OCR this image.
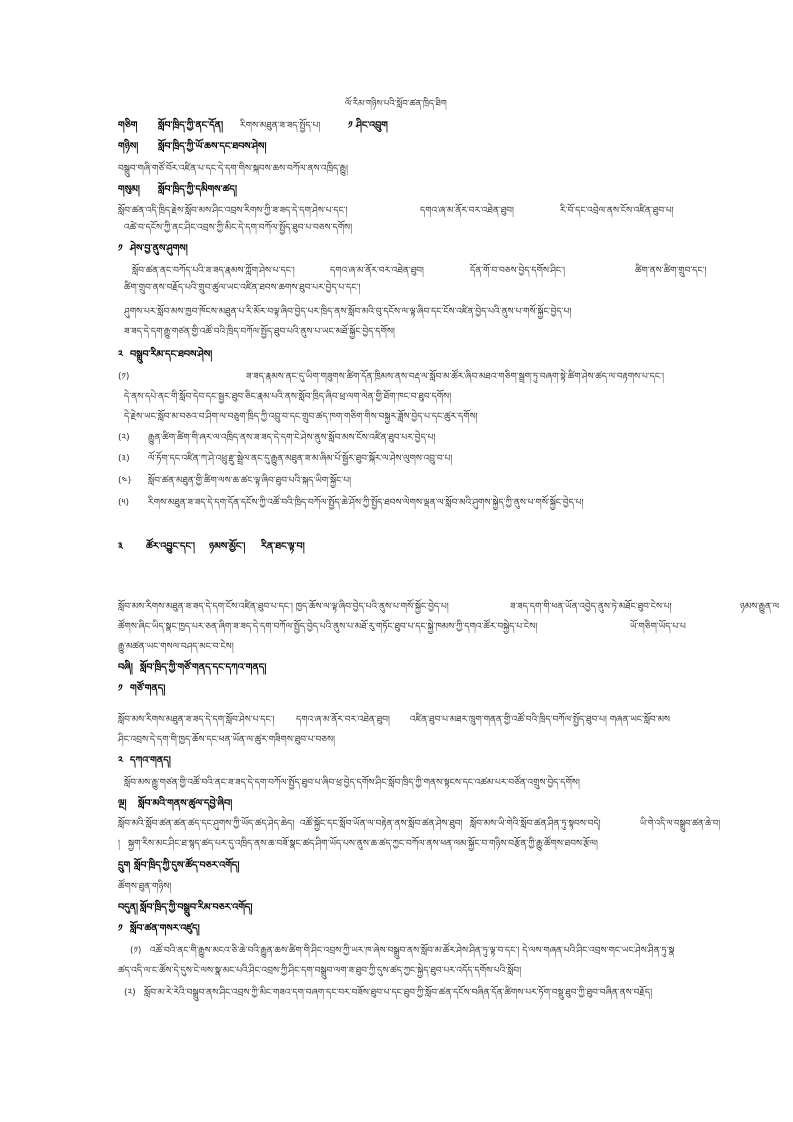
ལོ་རིམ་གཉིས་པའི་སློབ་ཚན་ཁྲིད་ཐིག
གཅིག སློབ་ཁྲིད་ཀྱི་ནང་དོན། རིགས་མཐུན་ཟ་ཟད་སྤྱོད་པ།	༡ ཤིང་འབྲུག
གཉིས། སློབ་ཁྲིད་ཀྱི་ཡོ་ཆས་དང་ཐབས་ཤེས།
བསྒྲུབ་གཞི་གཙོ་བོར་འཛིན་པ་དང་དེ་དག་གིས་སྐབས་ཆས་བཀོལ་ནས་འཁྲིད་རྒྱུ།
གསུམ། སློབ་ཁྲིད་ཀྱི་དམིགས་ཚད།
སློབ་ཚན་འདི་ཁྲིད་རྗེས་སློབ་མས་ཤིང་འབྲས་རིགས་ཀྱི་ཟ་ཟད་དེ་དག་ཤེས་པ་དང་།	དགའ་ཞ་མ་ནོར་བར་འཐེན་ཐུབ།	རི་བོ་དང་འབྲེལ་ནས་ངོས་འཛིན་ཐུབ་པ།
འཚེ་བ་དངོས་ཀྱི་ནང་ཤིང་འབྲས་ཀྱི་མིང་དེ་དག་བཀོལ་སྤྱོད་ཐུབ་པ་བཅས་དགོས།
༡ ཤེས་བྱ་ནུས་ཤུགས།
སློབ་ཚན་ནང་བཀོད་པའི་ཟ་ཟད་རྣམས་ཀློག་ཤེས་པ་དང་།	དགའ་ཞ་མ་ནོར་བར་འཐེན་ཐུབ།	དོན་གོ་བ་བཅས་བྱེད་དགོས་ཤིང་།	ཚིག་ནས་ཚིག་གྲུབ་དང་།
ཚིག་གྲུབ་ནས་བརྗོད་པའི་གྲུབ་ཚུལ་ཡང་འཛིན་ཐབས་ཆགས་ཐུབ་པར་བྱེད་པ་དང་།
ཤུགས་པར་སློབ་མས་ཁྱབ་ཁོངས་མཐུན་པ་རི་མོར་བལྟ་ཞིབ་བྱེད་པར་ཁྲིད་ནས་སློབ་མའི་བུ་དངོས་ལ་ལྟ་ཞིབ་དང་ངོས་འཛིན་བྱེད་པའི་ནུས་པ་གསོ་སྐྱོང་བྱེད་པ།
ཟ་ཟད་དེ་དག་རྒྱུ་གཙན་གྱི་འཚོ་བའི་ཁྲིད་བཀོལ་སྤྱོད་ཐུབ་པའི་ནུས་པ་ཡང་མཐོ་སྐྱོང་བྱེད་དགོས།
༢ བསྒྲུབ་རིམ་དང་ཐབས་ཤེས།
(༡)	ཟ་ཟད་རྣམས་ནང་དུ་ཡིག་གཟུགས་ཚིག་དོན་ཁྲིམས་ནས་བརྡ་ལ་སློབ་མ་ཚོར་ཞིབ་མཐའ་གཅིག་སྦྲག་ཏུ་བཞག་སྟེ་ཚིག་ཤེས་ཚད་ལ་བརྟགས་པ་དང་།
དེ་ནས་དཔེ་ནང་གི་སློབ་དེབ་དང་སྦྱར་ཐུབ་ཅིང་རྣམ་པའི་ནས་སློབ་ཁྲིད་ཞིབ་ཕྲ་ལག་ལེན་གྱི་ཐོག་ཁང་བ་ཐུབ་དགོས།
དེ་རྗེས་ཡང་སློབ་མ་བཅའ་བ་ཤིག་ལ་བཅུག་ཁྲིད་ཀྱི་འབྲུ་བ་དང་གྲུབ་ཚད་ཁག་གཅིག་གིས་བསྐྱར་ཟློས་བྱེད་པ་དང་ཚུར་དགོས།
(༢) རྒྱུན་ཚིག་ཚིག་གི་ཞར་ལ་འཁྲིད་ནས་ཟ་ཟད་དེ་དག་ངེ་ཤེས་ནུས་སློབ་མས་ངོས་འཛིན་ཐུབ་པར་བྱེད་པ།
(༣) ལོ་ཏོག་དང་འཛིན་ཀ་ཤེ་འཕྲུ་རྫུ་སྦྲེལ་ནང་དུ་རྒྱུན་མཐུན་ཟ་མ་ཞིམ་པོ་སྦྱོར་ཐུབ་སྐོར་ལ་ཤེས་ལུགས་འབྲུ་བ་པ།
(༤) སློབ་ཚན་མཐུན་གྱི་ཚིག་ལས་ཆ་ཚང་ལྟ་ཞིབ་ཐུབ་པའི་སྐད་ཡིག་སྐྱོང་པ།
(༥) རིགས་མཐུན་ཟ་ཟད་དེ་དག་དོན་དངོས་ཀྱི་འཚོ་བའི་ཁྲིད་བཀོལ་སྤྱོད་ཆེ་ཤོས་ཀྱི་སྤྱོད་ཐབས་ལེགས་ལྡན་ལ་སློབ་མའི་ཤུགས་སྐྱེད་ཀྱི་ནུས་པ་གསོ་སྐྱོང་བྱེད་པ།
༣ ཚོར་འབྱུང་དང་། ཉམས་མྱོང་། རིན་ཐང་ལྟ་བ།
སློབ་མས་རིགས་མཐུན་ཟ་ཟད་དེ་དག་ངོས་འཛིན་ཐུབ་པ་དང་། ཁྱད་ཆོས་ལ་ལྟ་ཞིབ་བྱེད་པའི་ནུས་པ་གསོ་སྐྱོང་བྱེད་པ།	ཟ་ཟད་དག་གི་ཕན་ཡོན་འབྱེད་ནུས་ཏེ་མཐོང་ཐུབ་ངེས་པ།	ཉམས་རྒྱུན་ལ
ཚོགས་ཞིང་ཡིད་སྣང་ཁྱད་པར་ཅན་ཞིག་ཟ་ཟད་དེ་དག་བཀོལ་སྤྱོད་བྱེད་པའི་ནུས་པ་མཐོ་རུ་གཏོང་ཐུབ་པ་དང་སྐྱེ་ཁམས་ཀྱི་དགའ་ཚོར་བསྐྱེད་པ་ངེས།	ཡོ་གཅིག་ཡོད་པ་པ
རྒྱུ་མཚན་ཡང་གསལ་བཤད་མང་བ་ངེས།
བཞི། སློབ་ཁྲིད་ཀྱི་གཙོ་གནད་དང་དཀའ་གནད།
༡ གཙོ་གནད།
སློབ་མས་རིགས་མཐུན་ཟ་ཟད་དེ་དག་སློབ་ཤེས་པ་དང་། དགའ་ཞ་མ་ནོར་བར་འཐེན་ཐུབ། འཛིན་ཐུབ་པ་མཐར་ཁྲུག་གནན་གྱི་འཚོ་བའི་ཁྲིད་བཀོལ་སྤྱོད་ཐུབ་པ། གཞན་ཡང་སློབ་མས
ཤིང་འབྲས་དེ་དག་གི་ཁྱད་ཆོས་དང་ཕན་ཡོན་ལ་ཚུར་གཟིགས་ཐུབ་པ་བཅས།
༢ དཀའ་གནད།
སློབ་མས་རྒྱུ་གཙན་གྱི་འཚོ་བའི་ནང་ཟ་ཟད་དེ་དག་བཀོལ་སྤྱོད་ཐུབ་པ་ཞིབ་ཕྲ་བྱེད་དགོས་ཤིང་སློབ་ཁྲིད་ཀྱི་གནས་སྟངས་དང་འཚམ་པར་བཙོན་འགྲུས་བྱེད་དགོས།
ལྔ། སློབ་མའི་གནས་ཚུལ་དབྱེ་ཞིབ།
སློབ་མའི་སློབ་ཚན་ཚན་ཚད་དང་ཤུགས་ཀྱི་ཡོད་ཚད་ཤེད་ཆེད། འཚོ་སྐྱོང་དང་སློབ་ཡོན་ལ་བརྟེན་ནས་སློབ་ཚན་ཤེས་ཐུབ། སློབ་མས་ཡི་གེའི་སློབ་ཚན་ཤིན་ཏུ་སྟབས་བདེ།	ཡི་གེ་འདི་ལ་བསྒྲུབ་ཚན་ཆེ་བ།
། སྐྱག་རིས་མང་ཤིང་ཐ་སྙད་ཚད་པར་དུ་འཁྲིད་ནས་ཆ་བཟོ་སྣང་ཚད་ཤིག་ཡོད་པས་ནུས་ཆ་ཚད་ཀྱང་བཀོལ་ནས་ཕན་ལམ་སྐྱོང་བ་གཉིས་བརྩོན་ཀྱི་རྒྱུ་ཚོགས་ཐབས་རྩོལ།
དྲུག སློབ་ཁྲིད་ཀྱི་དུས་ཚོད་བཅར་འགོད།
ཚོགས་ཐུན་གཉིས།
བདུན། སློབ་ཁྲིད་ཀྱི་བསྒྲུབ་རིམ་བཅར་འགོད།
༡ སློབ་ཚན་གསར་འཛུད།
(༡) འཚོ་བའི་ནང་གི་རྒྱུས་མངའ་ཅི་ཆེ་བའི་རྒྱུན་ཆས་ཚིག་གི་ཤིང་འབྲས་ཀྱི་ཡར་ཁ་ཞེས་བསྒྲུབ་ནས་སློབ་མ་ཚོར་ཤེས་ཤིན་ཏུ་ལྟ་བ་དང་། དེ་ལས་གཞན་པའི་ཤིང་འབྲས་གང་ཡང་ཤེས་ཤིན་ཏུ་སྣ
ཚད་འདི་ལ་ང་ཚོས་དེ་དུས་ངེ་ལས་སྣ་མང་པའི་ཤིང་འབྲས་ཀྱི་ཤིང་དག་བསྒྲུབ་ལག་ཟ་ཐུབ་ཀྱི་དུས་ཚད་ཀྱང་སྐྱེད་ཐུབ་པར་འདོད་དགོས་པའི་སློབ།
(༢) སློབ་མ་རེ་རེའི་བསྒྲུབ་ནས་ཤིང་འབྲས་ཀྱི་མིང་གཟའ་དག་བཞག་དང་བར་བཟོས་ཐུབ་པ་དང་ཐུབ་ཀྱི་སློབ་ཚན་དངོས་བཞིན་དོན་ཚིགས་པར་ཏོག་བསྡུ་ཐུབ་ཀྱི་ཐུབ་བཞིན་ནས་བརྗོད།
